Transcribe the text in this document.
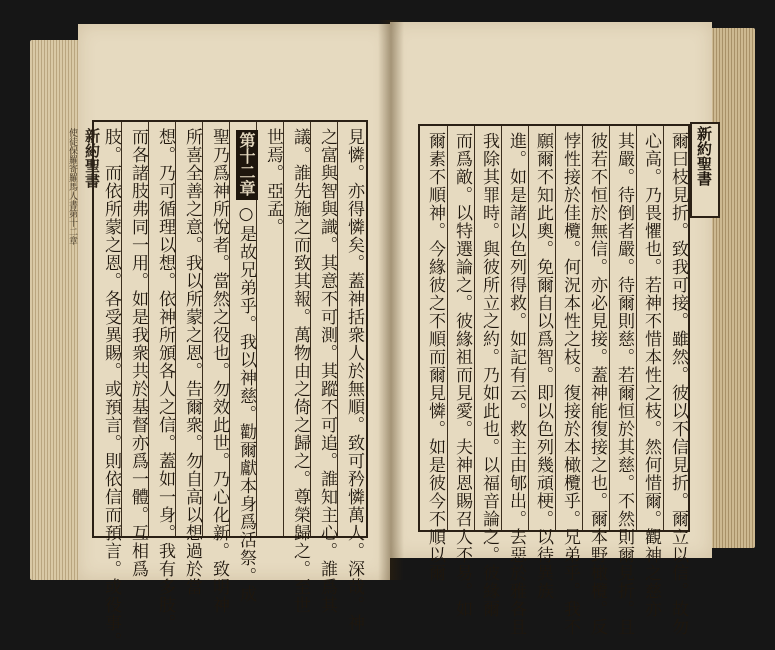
新約聖書
使徒保羅寄羅馬人書第十二章	見憐。亦得憐矣。蓋神括衆人於無順。致可矜憐萬人。深哉。神
之富與智與識。其意不可測。其蹤不可追。誰知主心。誰爲其
議。誰先施之而致其報。萬物由之倚之歸之。尊榮歸之。至世
世焉。亞孟。
○是故兄弟乎。我以神慈。勸爾獻本身爲活祭。成
聖乃爲神所悅者。當然之役也。勿效此世。乃心化新。致明神
所喜全善之意。我以所蒙之恩。告爾衆。勿自高以想過於當
想。乃可循理以想。依神所頒各人之信。蓋如一身。我有多肢。
而各諸肢弗同一用。如是我衆共於基督亦爲一體。互相爲
肢。而依所蒙之恩。各受異賜。或預言。則依信而預言。或役事。	第十二章	爾曰枝見折。致我可接。雖然。彼以不信見折。爾立以信。故勿
心高。乃畏懼也。若神不惜本性之枝。然何惜爾。觀神之慈亦
其嚴。待倒者嚴。待爾則慈。若爾恒於其慈。不然則爾見折。且
彼若不恒於無信。亦必見接。蓋神能復接之也。爾本野橄欖。反
悖性接於佳欖。何況本性之枝。復接於本橄欖乎。兄弟乎。我不
願爾不知此奧。免爾自以爲智。即以色列幾頑梗。以待異族
進。如是諸以色列得救。如記有云。救主由郇出。去惡於雅各且
我除其罪時。與彼所立之約。乃如此也。以福音論之。彼緣爾
而爲敵。以特選論之。彼緣祖而見愛。夫神恩賜召人不易。如
爾素不順神。今緣彼之不順而爾見憐。如是彼今不順以爾	新約聖書
